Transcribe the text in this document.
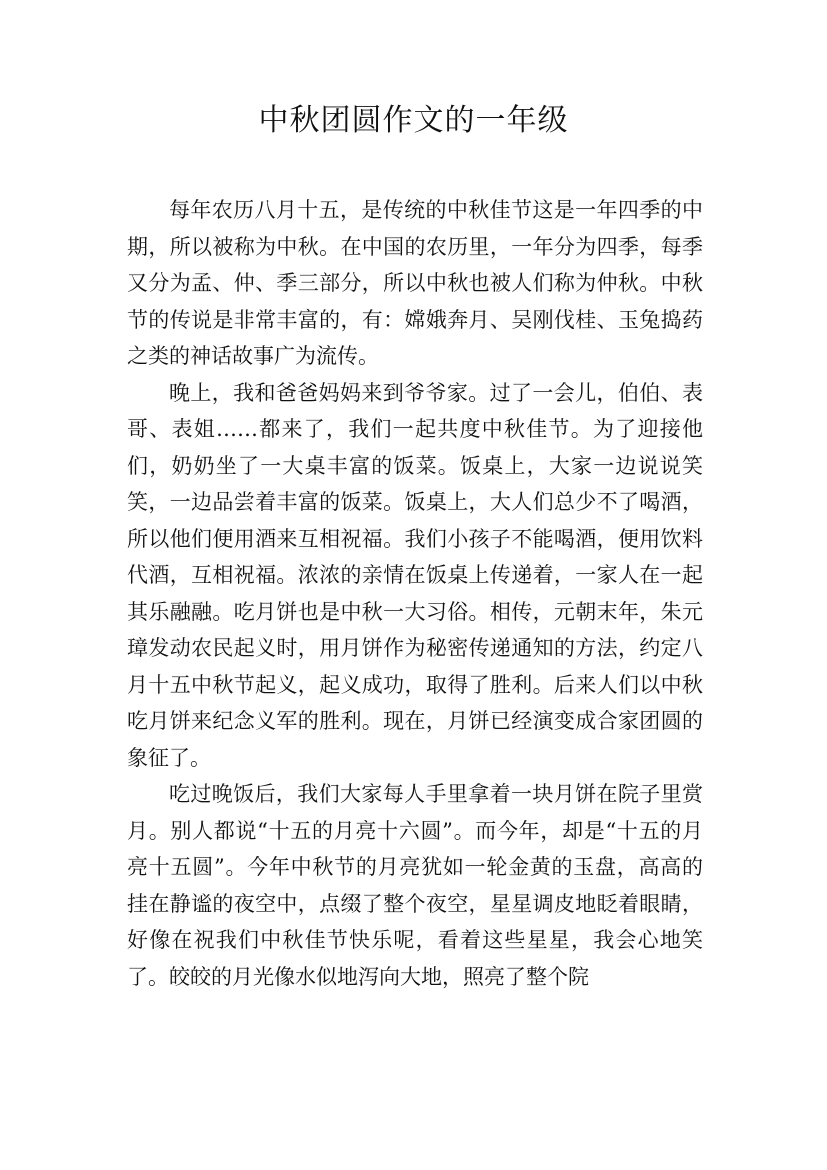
中秋团圆作文的一年级

每年农历八月十五，是传统的中秋佳节这是一年四季的中期，所以被称为中秋。在中国的农历里，一年分为四季，每季又分为孟、仲、季三部分，所以中秋也被人们称为仲秋。中秋节的传说是非常丰富的，有：嫦娥奔月、吴刚伐桂、玉兔捣药之类的神话故事广为流传。

晚上，我和爸爸妈妈来到爷爷家。过了一会儿，伯伯、表哥、表姐……都来了，我们一起共度中秋佳节。为了迎接他们，奶奶坐了一大桌丰富的饭菜。饭桌上，大家一边说说笑笑，一边品尝着丰富的饭菜。饭桌上，大人们总少不了喝酒，所以他们便用酒来互相祝福。我们小孩子不能喝酒，便用饮料代酒，互相祝福。浓浓的亲情在饭桌上传递着，一家人在一起其乐融融。吃月饼也是中秋一大习俗。相传，元朝末年，朱元璋发动农民起义时，用月饼作为秘密传递通知的方法，约定八月十五中秋节起义，起义成功，取得了胜利。后来人们以中秋吃月饼来纪念义军的胜利。现在，月饼已经演变成合家团圆的象征了。

吃过晚饭后，我们大家每人手里拿着一块月饼在院子里赏月。别人都说“十五的月亮十六圆”。而今年，却是“十五的月亮十五圆”。今年中秋节的月亮犹如一轮金黄的玉盘，高高的挂在静谧的夜空中，点缀了整个夜空，星星调皮地眨着眼睛，好像在祝我们中秋佳节快乐呢，看着这些星星，我会心地笑了。皎皎的月光像水似地泻向大地，照亮了整个院
